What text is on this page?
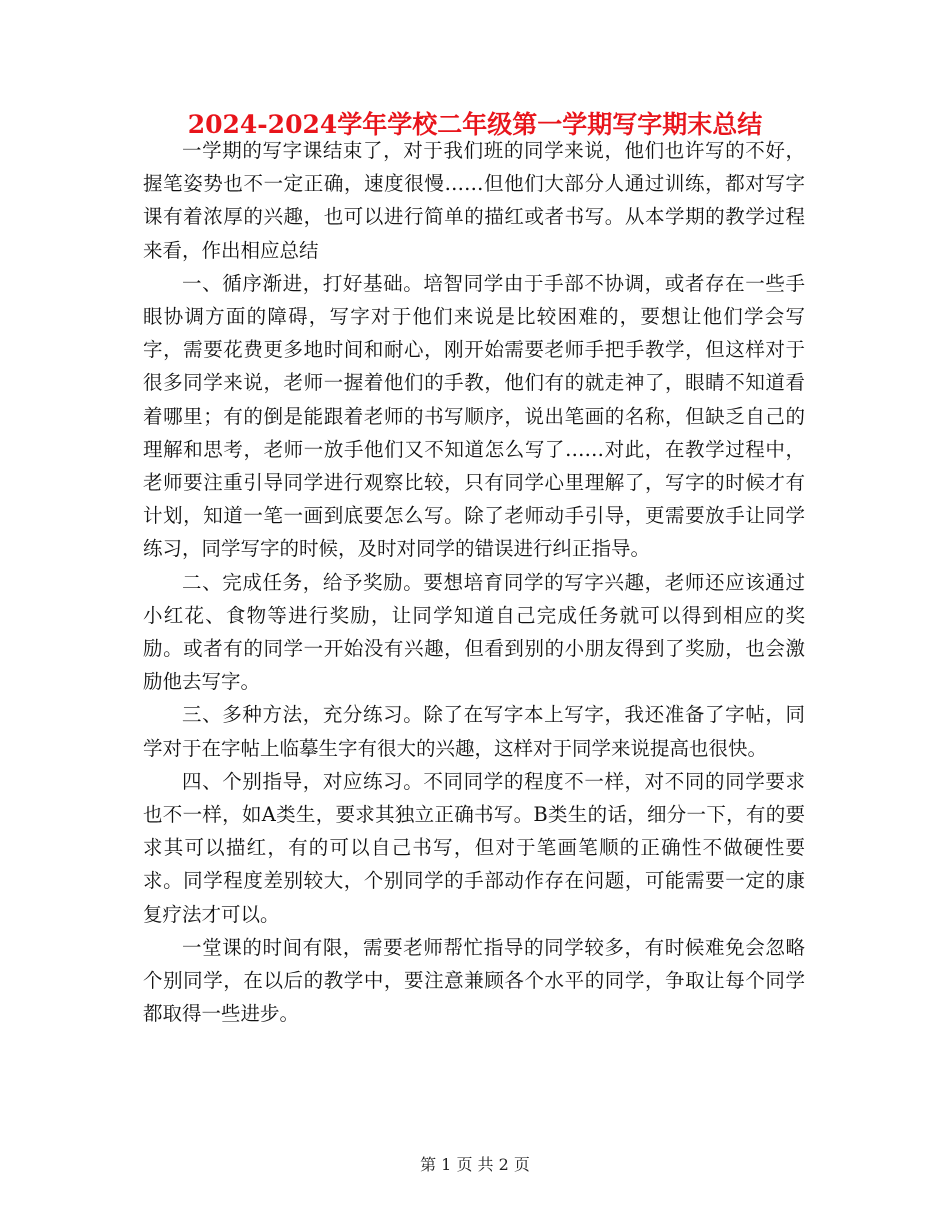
2024-2024学年学校二年级第一学期写字期末总结

一学期的写字课结束了，对于我们班的同学来说，他们也许写的不好，握笔姿势也不一定正确，速度很慢……但他们大部分人通过训练，都对写字课有着浓厚的兴趣，也可以进行简单的描红或者书写。从本学期的教学过程来看，作出相应总结

一、循序渐进，打好基础。培智同学由于手部不协调，或者存在一些手眼协调方面的障碍，写字对于他们来说是比较困难的，要想让他们学会写字，需要花费更多地时间和耐心，刚开始需要老师手把手教学，但这样对于很多同学来说，老师一握着他们的手教，他们有的就走神了，眼睛不知道看着哪里；有的倒是能跟着老师的书写顺序，说出笔画的名称，但缺乏自己的理解和思考，老师一放手他们又不知道怎么写了……对此，在教学过程中，老师要注重引导同学进行观察比较，只有同学心里理解了，写字的时候才有计划，知道一笔一画到底要怎么写。除了老师动手引导，更需要放手让同学练习，同学写字的时候，及时对同学的错误进行纠正指导。

二、完成任务，给予奖励。要想培育同学的写字兴趣，老师还应该通过小红花、食物等进行奖励，让同学知道自己完成任务就可以得到相应的奖励。或者有的同学一开始没有兴趣，但看到别的小朋友得到了奖励，也会激励他去写字。

三、多种方法，充分练习。除了在写字本上写字，我还准备了字帖，同学对于在字帖上临摹生字有很大的兴趣，这样对于同学来说提高也很快。

四、个别指导，对应练习。不同同学的程度不一样，对不同的同学要求也不一样，如A类生，要求其独立正确书写。B类生的话，细分一下，有的要求其可以描红，有的可以自己书写，但对于笔画笔顺的正确性不做硬性要求。同学程度差别较大，个别同学的手部动作存在问题，可能需要一定的康复疗法才可以。

一堂课的时间有限，需要老师帮忙指导的同学较多，有时候难免会忽略个别同学，在以后的教学中，要注意兼顾各个水平的同学，争取让每个同学都取得一些进步。

第 1 页 共 2 页
